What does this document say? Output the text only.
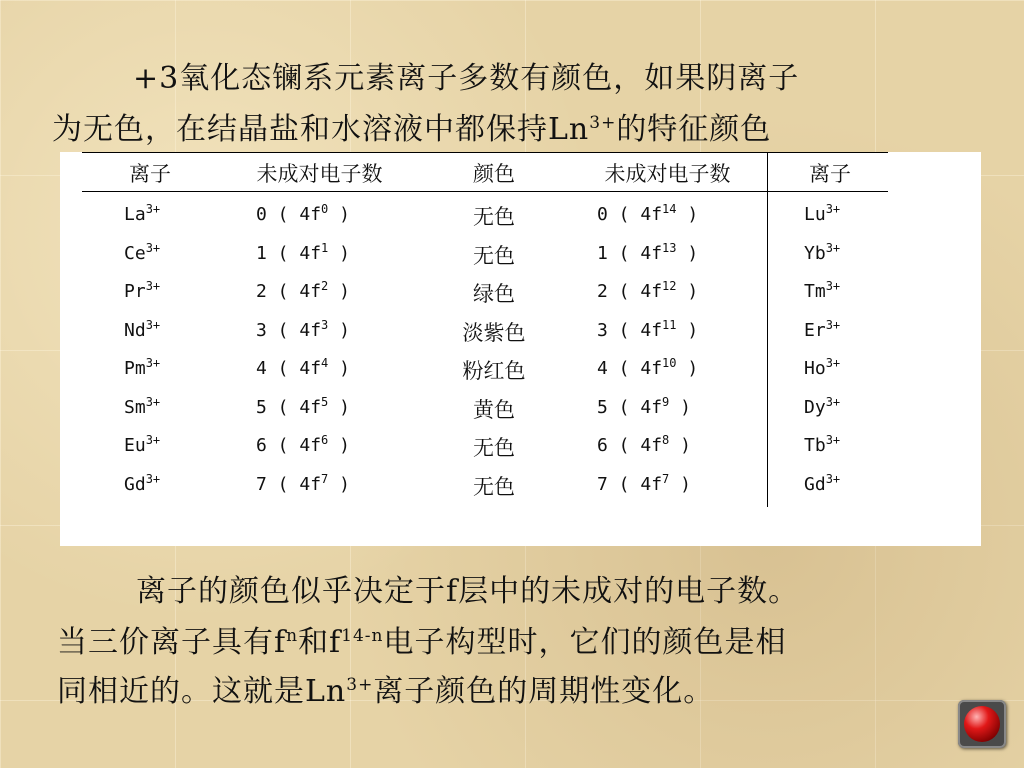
+3氧化态镧系元素离子多数有颜色，如果阴离子
为无色，在结晶盐和水溶液中都保持$Ln^{3+}$的特征颜色
离子	未成对电子数	颜色	未成对电子数	离子
$La^{3+}$	0 ( $4f^0$ )	无色	0 ( $4f^{14}$ )	$Lu^{3+}$
$Ce^{3+}$	1 ( $4f^1$ )	无色	1 ( $4f^{13}$ )	$Yb^{3+}$
$Pr^{3+}$	2 ( $4f^2$ )	绿色	2 ( $4f^{12}$ )	$Tm^{3+}$
$Nd^{3+}$	3 ( $4f^3$ )	淡紫色	3 ( $4f^{11}$ )	$Er^{3+}$
$Pm^{3+}$	4 ( $4f^4$ )	粉红色	4 ( $4f^{10}$ )	$Ho^{3+}$
$Sm^{3+}$	5 ( $4f^5$ )	黄色	5 ( $4f^9$ )	$Dy^{3+}$
$Eu^{3+}$	6 ( $4f^6$ )	无色	6 ( $4f^8$ )	$Tb^{3+}$
$Gd^{3+}$	7 ( $4f^7$ )	无色	7 ( $4f^7$ )	$Gd^{3+}$
离子的颜色似乎决定于f层中的未成对的电子数。
当三价离子具有$f^n$和$f^{14-n}$电子构型时，它们的颜色是相
同相近的。这就是$Ln^{3+}$离子颜色的周期性变化。
